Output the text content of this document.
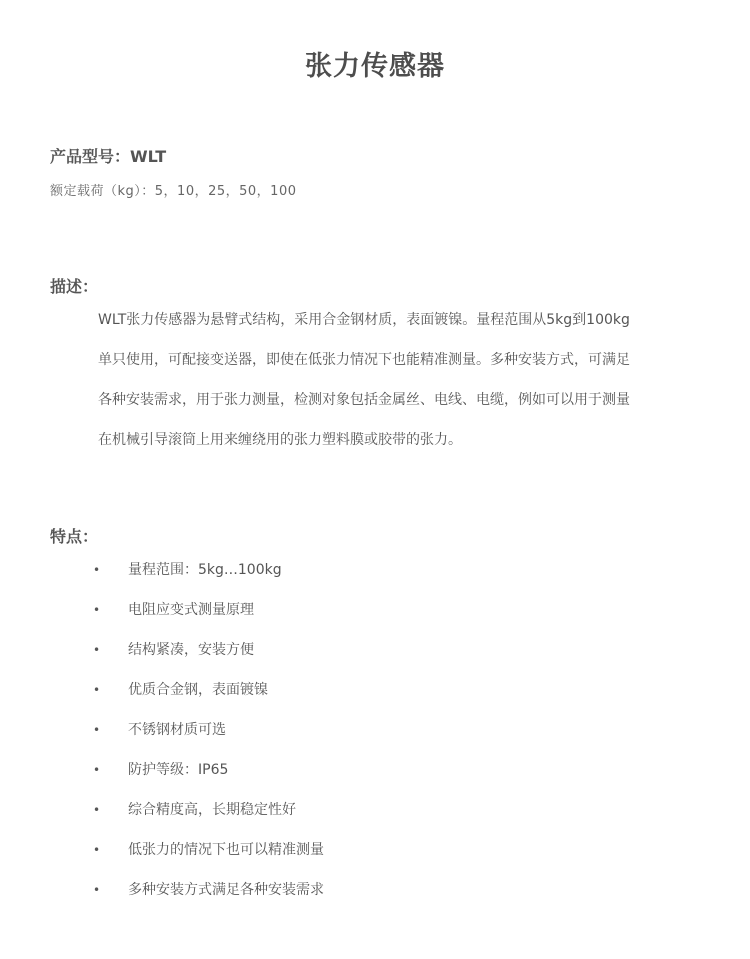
张力传感器
产品型号：WLT
额定载荷（kg）：5，10，25，50，100
描述：
WLT张力传感器为悬臂式结构，采用合金钢材质，表面镀镍。量程范围从5kg到100kg
单只使用，可配接变送器，即使在低张力情况下也能精准测量。多种安装方式，可满足
各种安装需求，用于张力测量，检测对象包括金属丝、电线、电缆，例如可以用于测量
在机械引导滚筒上用来缠绕用的张力塑料膜或胶带的张力。
特点：
• 量程范围：5kg…100kg
• 电阻应变式测量原理
• 结构紧凑，安装方便
• 优质合金钢，表面镀镍
• 不锈钢材质可选
• 防护等级：IP65
• 综合精度高，长期稳定性好
• 低张力的情况下也可以精准测量
• 多种安装方式满足各种安装需求
